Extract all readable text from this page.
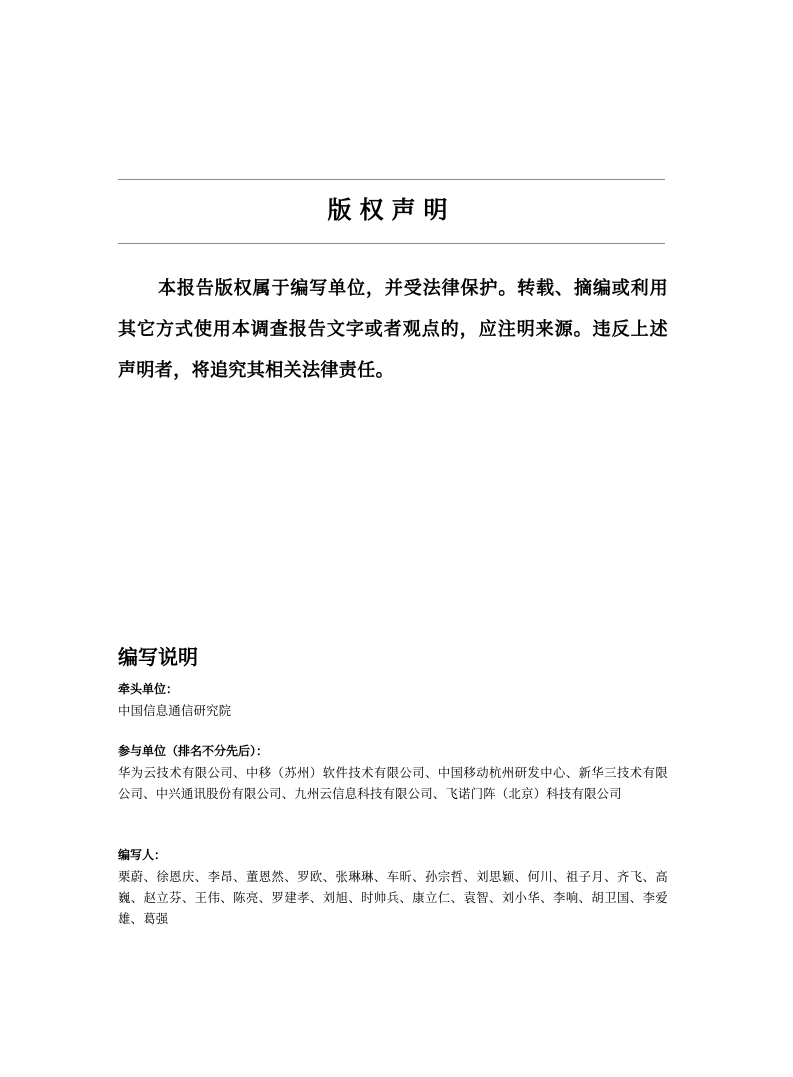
版权声明

本报告版权属于编写单位，并受法律保护。转载、摘编或利用其它方式使用本调查报告文字或者观点的，应注明来源。违反上述声明者，将追究其相关法律责任。

编写说明

牵头单位：

中国信息通信研究院

参与单位（排名不分先后）：

华为云技术有限公司、中移（苏州）软件技术有限公司、中国移动杭州研发中心、新华三技术有限公司、中兴通讯股份有限公司、九州云信息科技有限公司、飞诺门阵（北京）科技有限公司

编写人：

栗蔚、徐恩庆、李昂、董恩然、罗欧、张琳琳、车昕、孙宗哲、刘思颖、何川、祖子月、齐飞、高巍、赵立芬、王伟、陈亮、罗建孝、刘旭、时帅兵、康立仁、袁智、刘小华、李响、胡卫国、李爱雄、葛强
